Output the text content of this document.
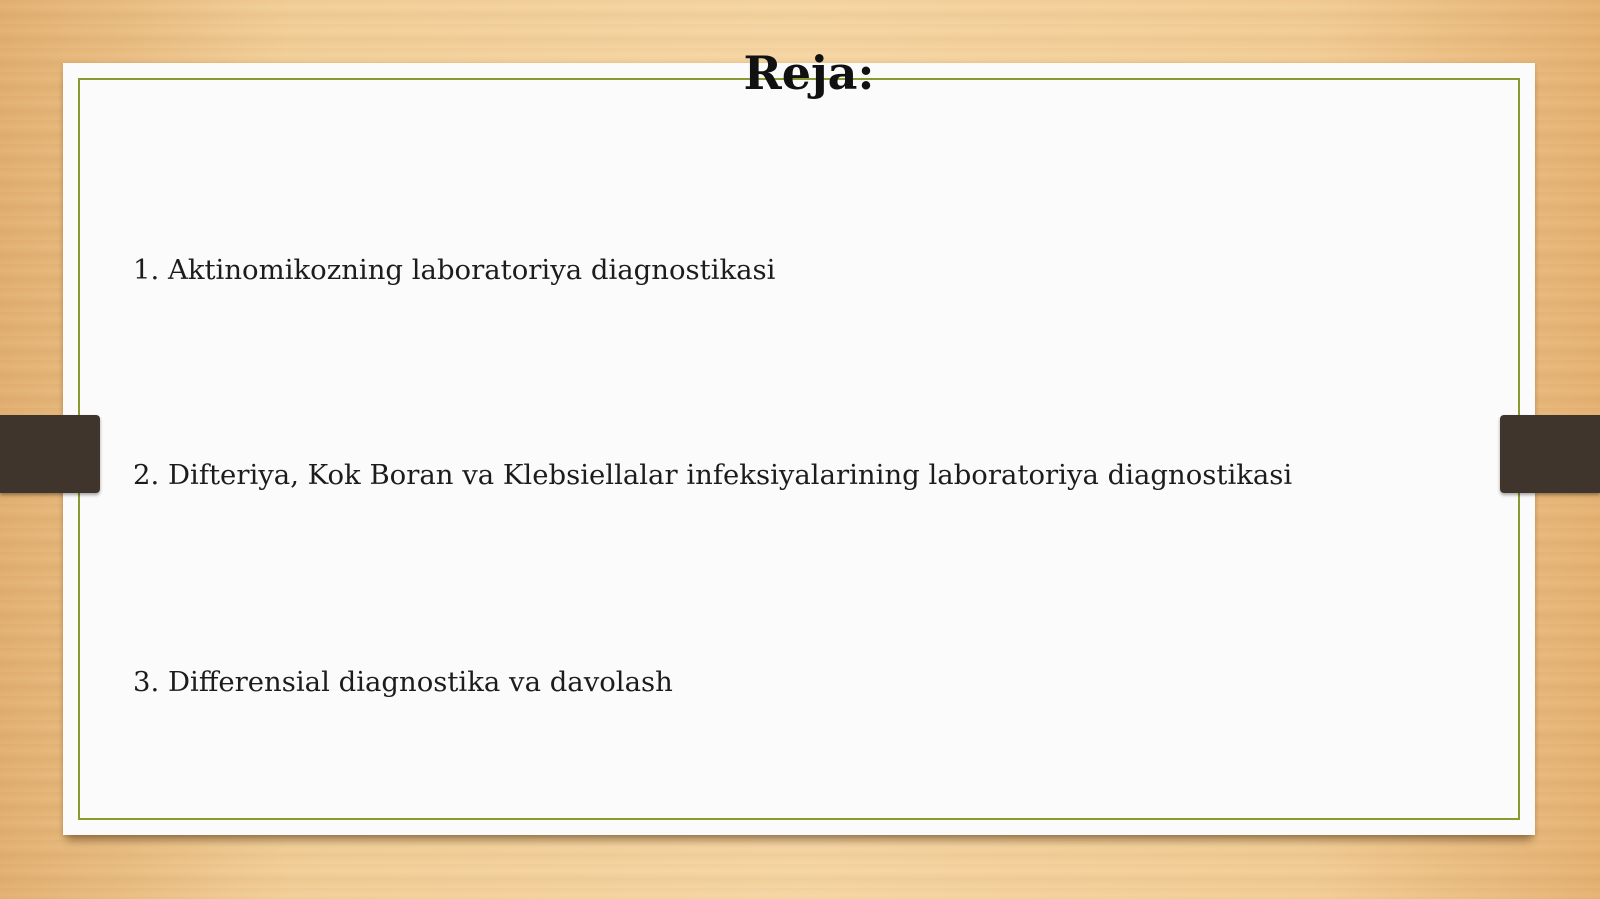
Reja:

1. Aktinomikozning laboratoriya diagnostikasi

2. Difteriya, Kok Boran va Klebsiellalar infeksiyalarining laboratoriya diagnostikasi

3. Differensial diagnostika va davolash
